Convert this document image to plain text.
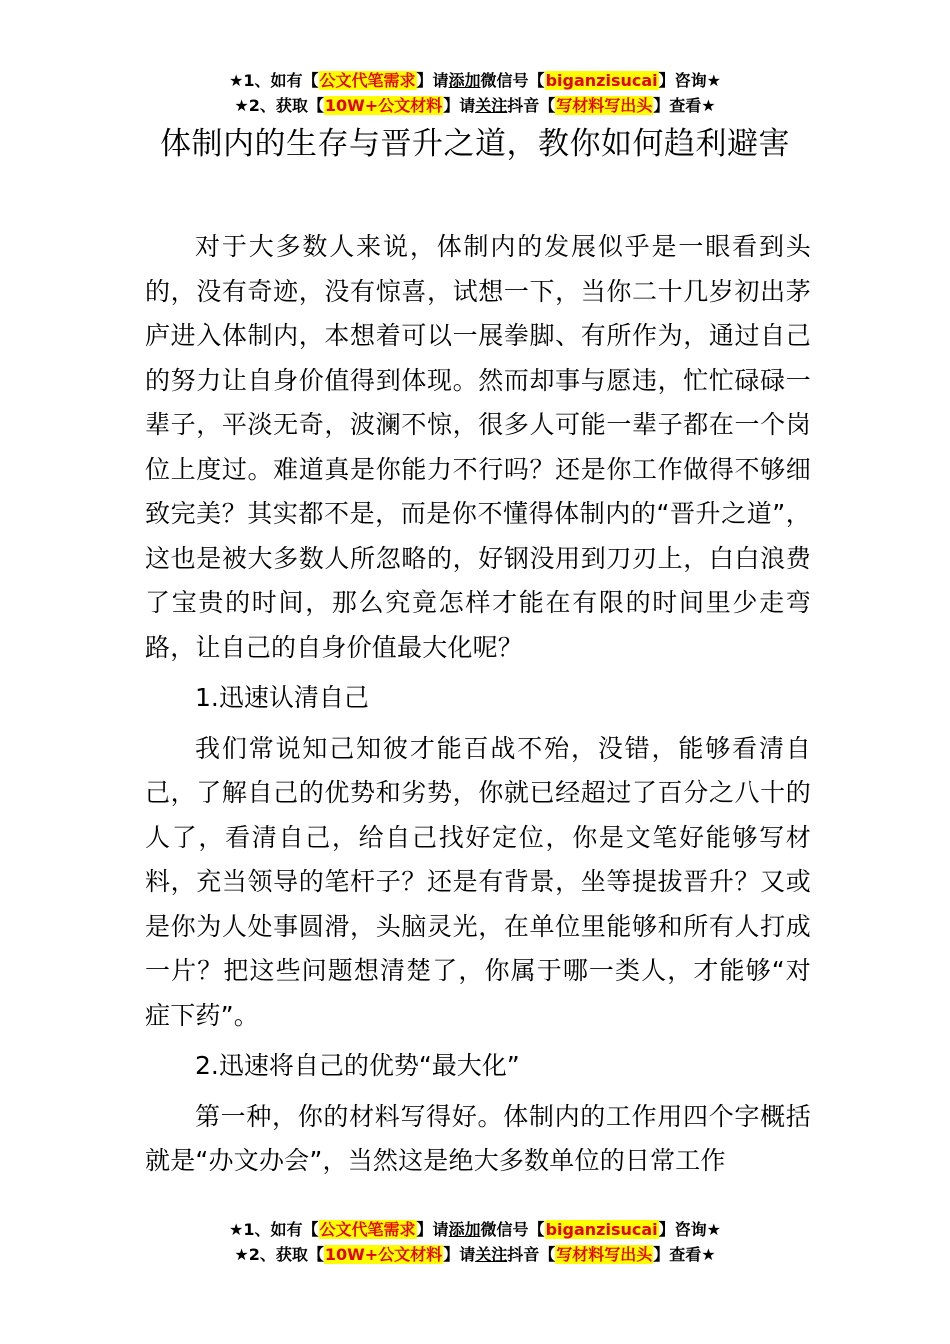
★1、如有【公文代笔需求】请添加微信号【biganzisucai】咨询★
★2、获取【10W+公文材料】请关注抖音【写材料写出头】查看★
体制内的生存与晋升之道，教你如何趋利避害

对于大多数人来说，体制内的发展似乎是一眼看到头的，没有奇迹，没有惊喜，试想一下，当你二十几岁初出茅庐进入体制内，本想着可以一展拳脚、有所作为，通过自己的努力让自身价值得到体现。然而却事与愿违，忙忙碌碌一辈子，平淡无奇，波澜不惊，很多人可能一辈子都在一个岗位上度过。难道真是你能力不行吗？还是你工作做得不够细致完美？其实都不是，而是你不懂得体制内的“晋升之道”，这也是被大多数人所忽略的，好钢没用到刀刃上，白白浪费了宝贵的时间，那么究竟怎样才能在有限的时间里少走弯路，让自己的自身价值最大化呢？

1.迅速认清自己

我们常说知己知彼才能百战不殆，没错，能够看清自己，了解自己的优势和劣势，你就已经超过了百分之八十的人了，看清自己，给自己找好定位，你是文笔好能够写材料，充当领导的笔杆子？还是有背景，坐等提拔晋升？又或是你为人处事圆滑，头脑灵光，在单位里能够和所有人打成一片？把这些问题想清楚了，你属于哪一类人，才能够“对症下药”。

2.迅速将自己的优势“最大化”

第一种，你的材料写得好。体制内的工作用四个字概括就是“办文办会”，当然这是绝大多数单位的日常工作

★1、如有【公文代笔需求】请添加微信号【biganzisucai】咨询★
★2、获取【10W+公文材料】请关注抖音【写材料写出头】查看★
